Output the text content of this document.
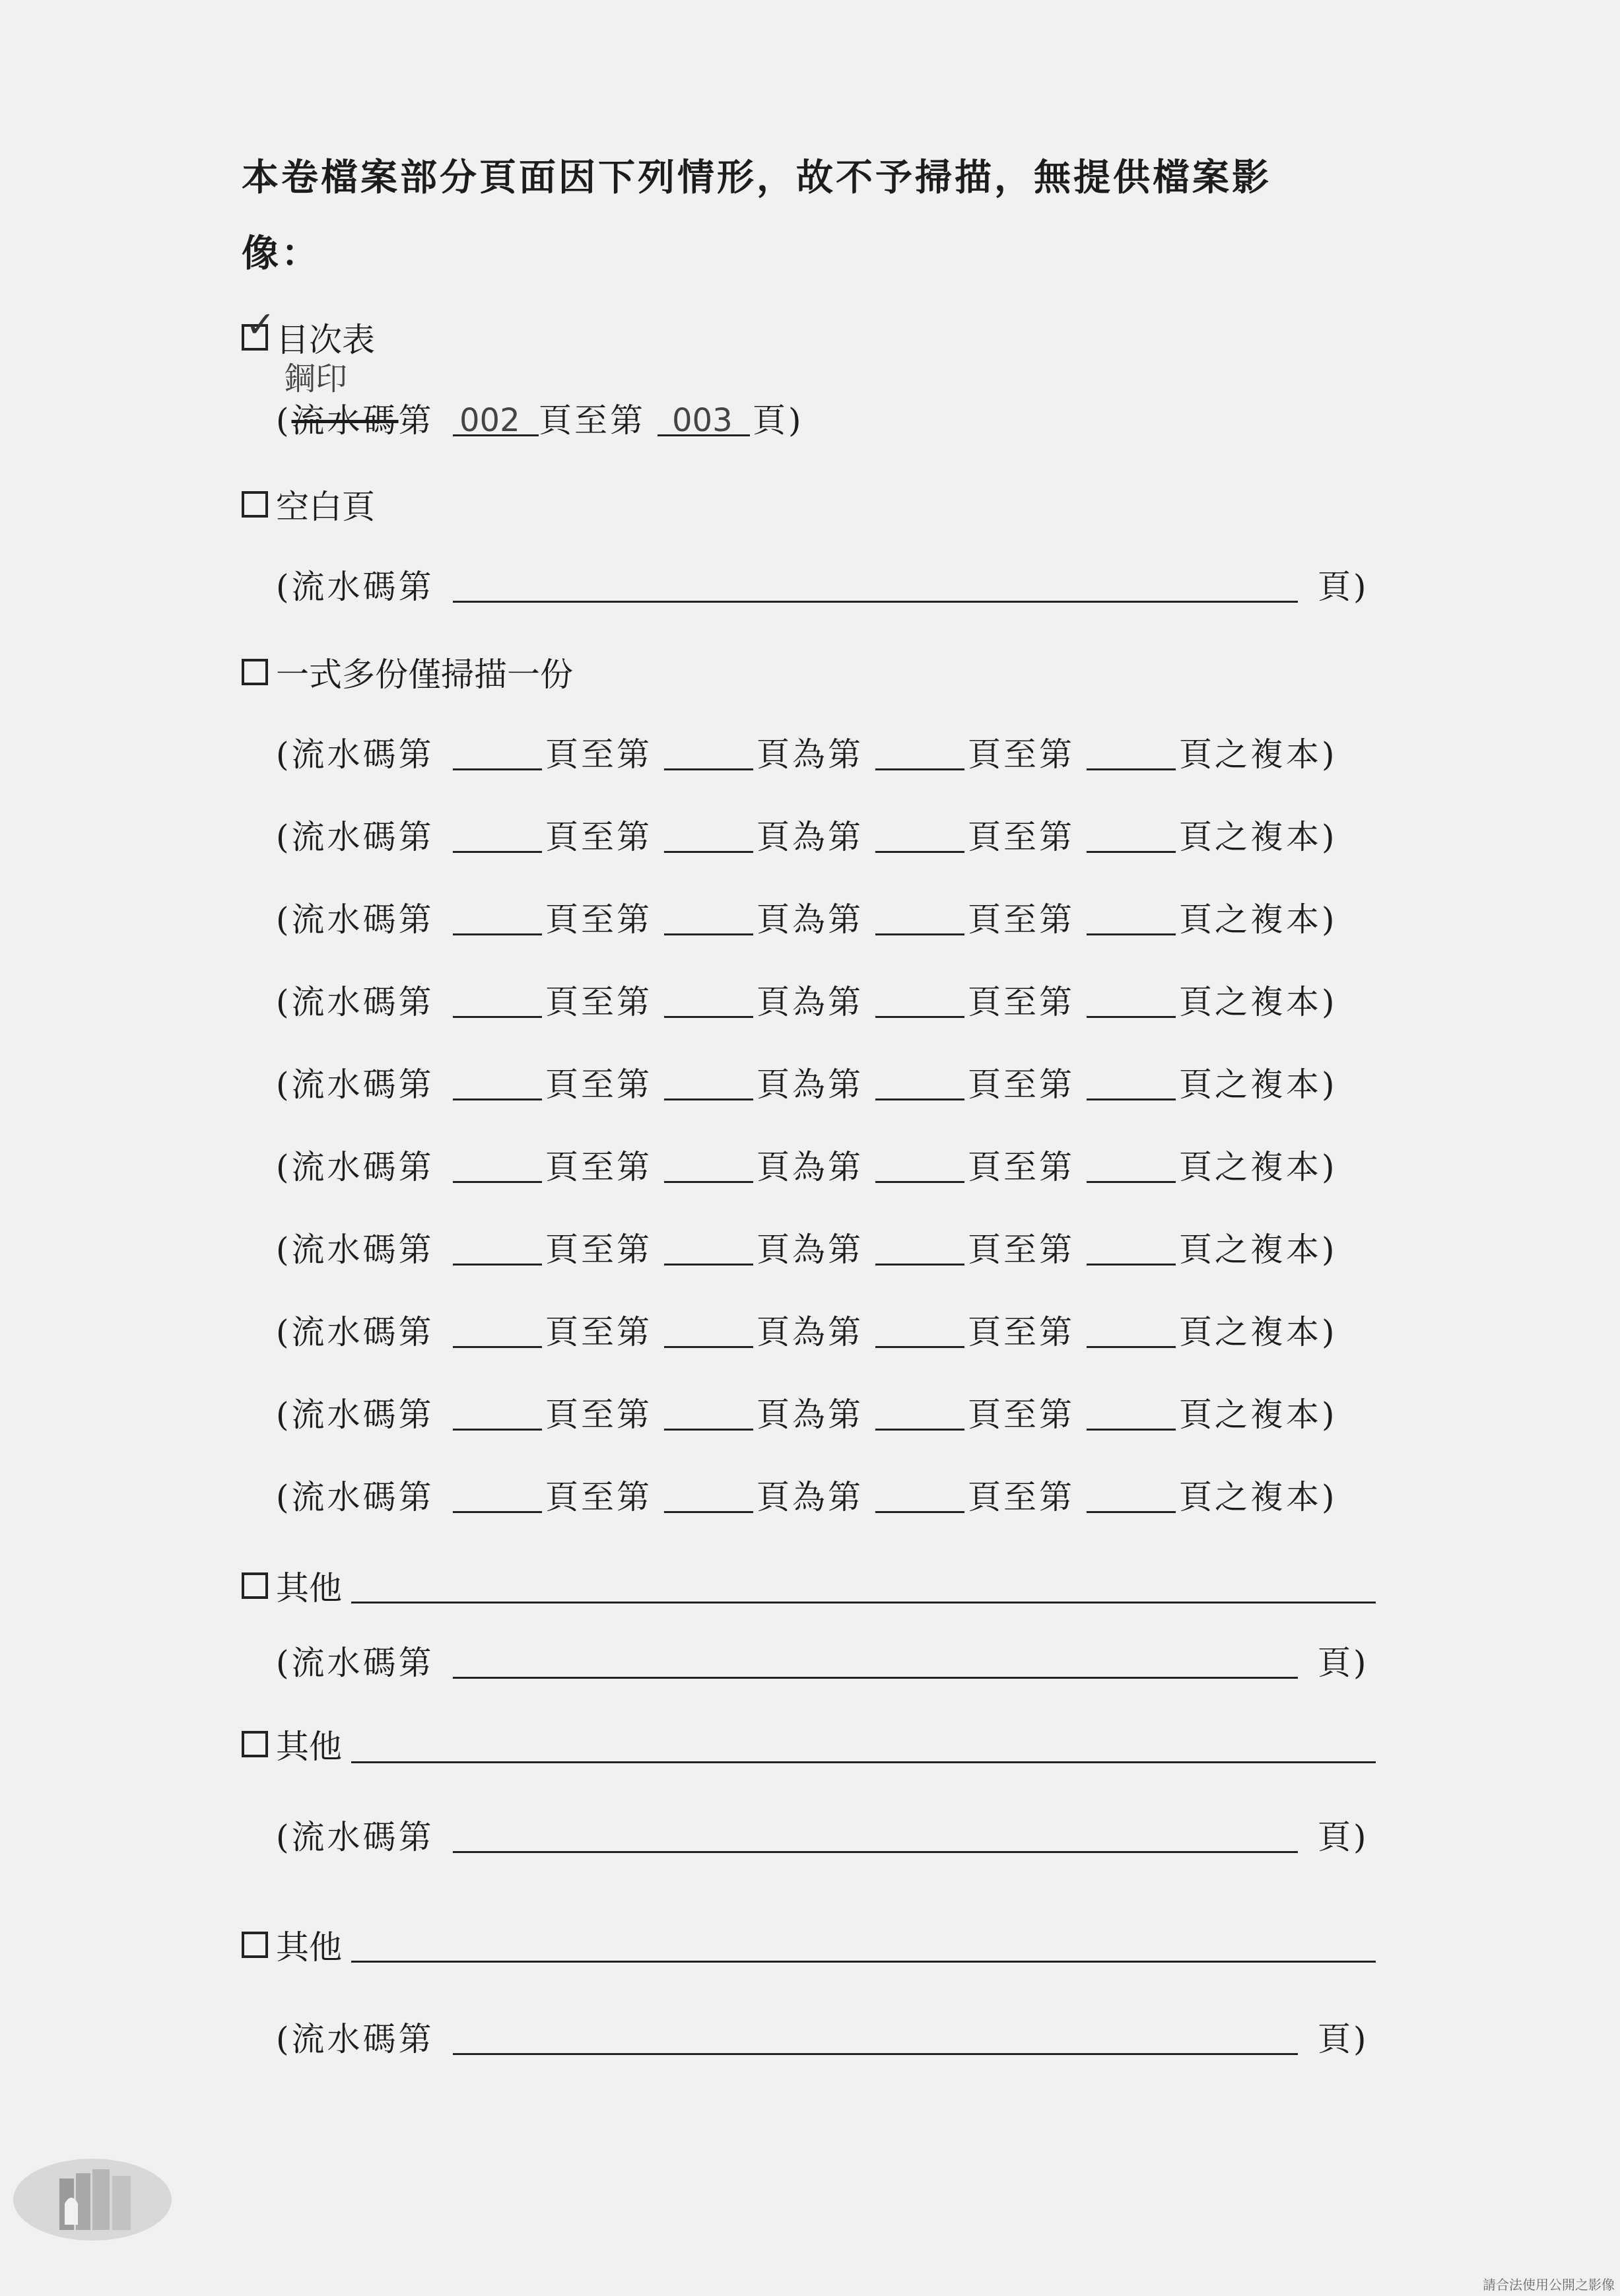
本卷檔案部分頁面因下列情形，故不予掃描，無提供檔案影

像：

✓ 目次表
鋼印
(流水碼第 002 頁至第 003 頁)
空白頁
(流水碼第	頁)
一式多份僅掃描一份
(流水碼第	頁至第	頁為第	頁至第	頁之複本)
(流水碼第	頁至第	頁為第	頁至第	頁之複本)
(流水碼第	頁至第	頁為第	頁至第	頁之複本)
(流水碼第	頁至第	頁為第	頁至第	頁之複本)
(流水碼第	頁至第	頁為第	頁至第	頁之複本)
(流水碼第	頁至第	頁為第	頁至第	頁之複本)
(流水碼第	頁至第	頁為第	頁至第	頁之複本)
(流水碼第	頁至第	頁為第	頁至第	頁之複本)
(流水碼第	頁至第	頁為第	頁至第	頁之複本)
(流水碼第	頁至第	頁為第	頁至第	頁之複本)
其他
(流水碼第	頁)
其他
(流水碼第	頁)
其他
(流水碼第	頁)
請合法使用公開之影像
